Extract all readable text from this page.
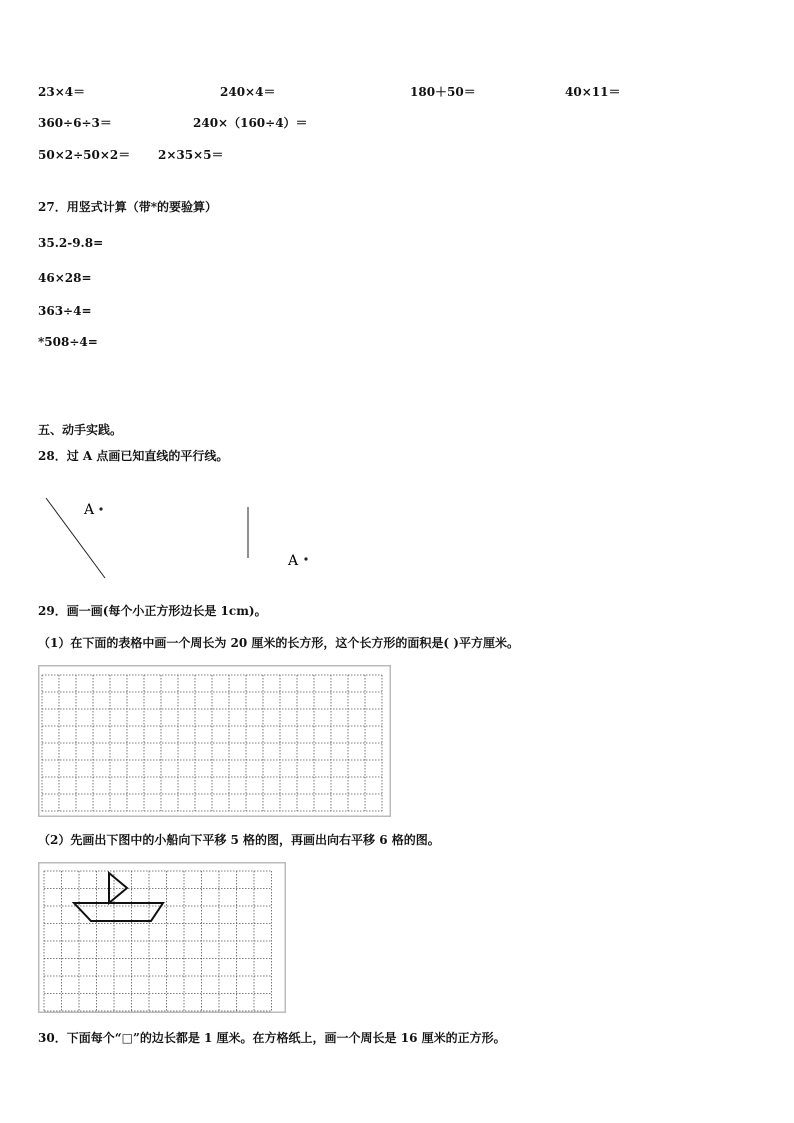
23×4＝	240×4＝	180＋50＝	40×11＝
360÷6÷3＝	240×（160÷4）＝
50×2÷50×2＝ 2×35×5＝
27．用竖式计算（带*的要验算）
35.2-9.8=
46×28=
363÷4=
*508÷4=
五、动手实践。
28．过 A 点画已知直线的平行线。
A
A
29．画一画(每个小正方形边长是 1cm)。
（1）在下面的表格中画一个周长为 20 厘米的长方形，这个长方形的面积是( )平方厘米。
（2）先画出下图中的小船向下平移 5 格的图，再画出向右平移 6 格的图。
30．下面每个“□”的边长都是 1 厘米。在方格纸上，画一个周长是 16 厘米的正方形。
